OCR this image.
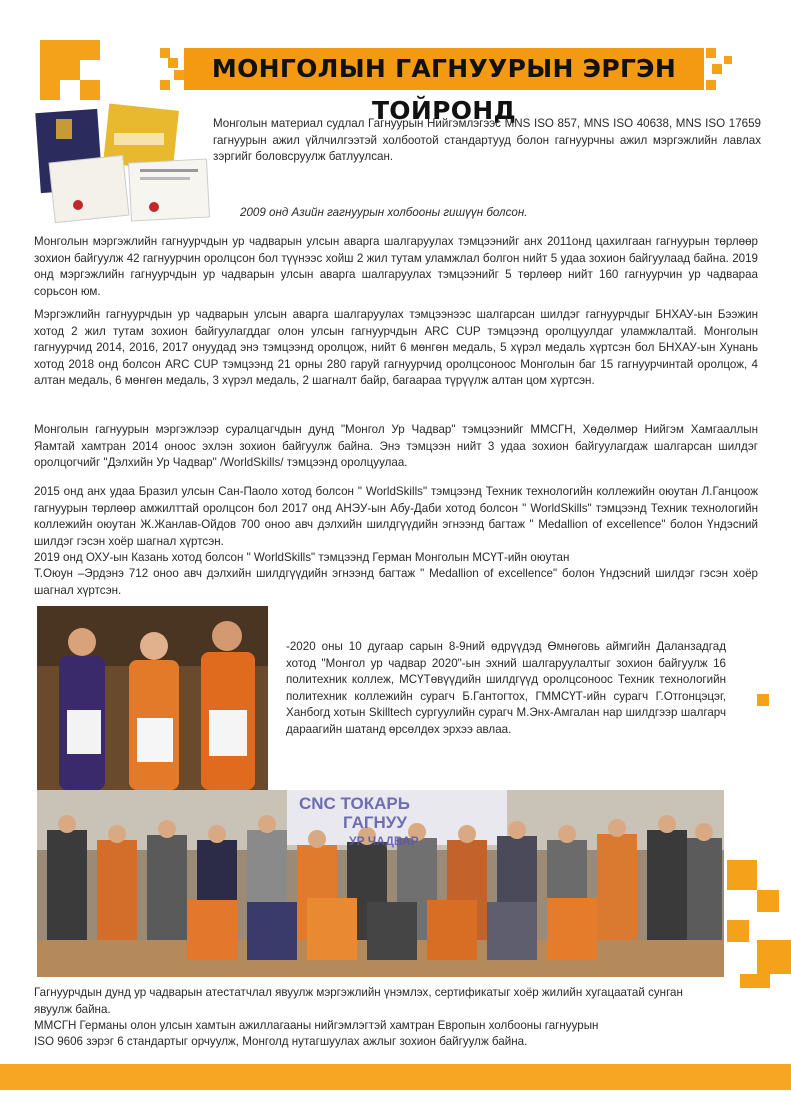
МОНГОЛЫН ГАГНУУРЫН ЭРГЭН ТОЙРОНД

Монголын материал судлал Гагнуурын Нийгэмлэгээс MNS ISO 857, MNS ISO 40638, MNS ISO 17659 гагнуурын ажил үйлчилгээтэй холбоотой стандартууд болон гагнуурчны ажил мэргэжлийн лавлах зэргийг боловсруулж батлуулсан.

2009 онд Азийн гагнуурын холбооны гишүүн болсон.

Монголын мэргэжлийн гагнуурчдын ур чадварын улсын аварга шалгаруулах тэмцээнийг анх 2011онд цахилгаан гагнуурын төрлөөр зохион байгуулж 42 гагнуурчин оролцсон бол түүнээс хойш 2 жил тутам уламжлал болгон нийт 5 удаа зохион байгуулаад байна. 2019 онд мэргэжлийн гагнуурчдын ур чадварын улсын аварга шалгаруулах тэмцээнийг 5 төрлөөр нийт 160 гагнуурчин ур чадвараа сорьсон юм.

Мэргэжлийн гагнуурчдын ур чадварын улсын аварга шалгаруулах тэмцээнээс шалгарсан шилдэг гагнуурчдыг БНХАУ-ын Бээжин хотод 2 жил тутам зохион байгуулагддаг олон улсын гагнуурчдын ARC CUP тэмцээнд оролцуулдаг уламжлалтай. Монголын гагнуурчид 2014, 2016, 2017 онуудад энэ тэмцээнд оролцож, нийт 6 мөнгөн медаль, 5 хүрэл медаль хүртсэн бол БНХАУ-ын Хунань хотод 2018 онд болсон ARC CUP тэмцээнд 21 орны 280 гаруй гагнуурчид оролцсоноос Монголын баг 15 гагнуурчинтай оролцож, 4 алтан медаль, 6 мөнгөн медаль, 3 хүрэл медаль, 2 шагналт байр, багаараа түрүүлж алтан цом хүртсэн.

Монголын гагнуурын мэргэжлээр суралцагчдын дунд "Монгол Ур Чадвар" тэмцээнийг ММСГН, Хөдөлмөр Нийгэм Хамгааллын Яамтай хамтран 2014 оноос эхлэн зохион байгуулж байна. Энэ тэмцээн нийт 3 удаа зохион байгуулагдаж шалгарсан шилдэг оролцогчийг "Дэлхийн Ур Чадвар" /WorldSkills/ тэмцээнд оролцуулаа.

2015 онд анх удаа Бразил улсын Сан-Паоло хотод болсон " WorldSkills" тэмцээнд Техник технологийн коллежийн оюутан Л.Ганцоож гагнуурын төрлөөр амжилттай оролцсон бол 2017 онд АНЭУ-ын Абу-Даби хотод болсон " WorldSkills" тэмцээнд Техник технологийн коллежийн оюутан Ж.Жанлав-Ойдов 700 оноо авч дэлхийн шилдгүүдийн эгнээнд багтаж " Medallion of excellence" болон Үндэсний шилдэг гэсэн хоёр шагнал хүртсэн.

2019 онд ОХУ-ын Казань хотод болсон " WorldSkills" тэмцээнд Герман Монголын МСҮТ-ийн оюутан

Т.Оюун –Эрдэнэ 712 оноо авч дэлхийн шилдгүүдийн эгнээнд багтаж " Medallion of excellence" болон Үндэсний шилдэг гэсэн хоёр шагнал хүртсэн.

-2020 оны 10 дугаар сарын 8-9ний өдрүүдэд Өмнөговь аймгийн Даланзадгад хотод "Монгол ур чадвар 2020"-ын эхний шалгаруулалтыг зохион байгуулж 16 политехник коллеж, МСҮТөвүүдийн шилдгүүд оролцсоноос Техник технологийн политехник коллежийн сурагч Б.Гантогтох, ГММСҮТ-ийн сурагч Г.Отгонцэцэг, Ханбогд хотын Skilltech сургуулийн сурагч М.Энх-Амгалан нар шилдгээр шалгарч дараагийн шатанд өрсөлдөх эрхээ авлаа.

CNC ТОКАРЬ
ГАГНУУ
УР ЧАДВАР

Гагнуурчдын дунд ур чадварын атестатчлал явуулж мэргэжлийн үнэмлэх, сертификатыг хоёр жилийн хугацаатай сунган явуулж байна.

ММСГН Германы олон улсын хамтын ажиллагааны нийгэмлэгтэй хамтран Европын холбооны гагнуурын

ISO 9606 зэрэг 6 стандартыг орчуулж, Монголд нутагшуулах ажлыг зохион байгуулж байна.
